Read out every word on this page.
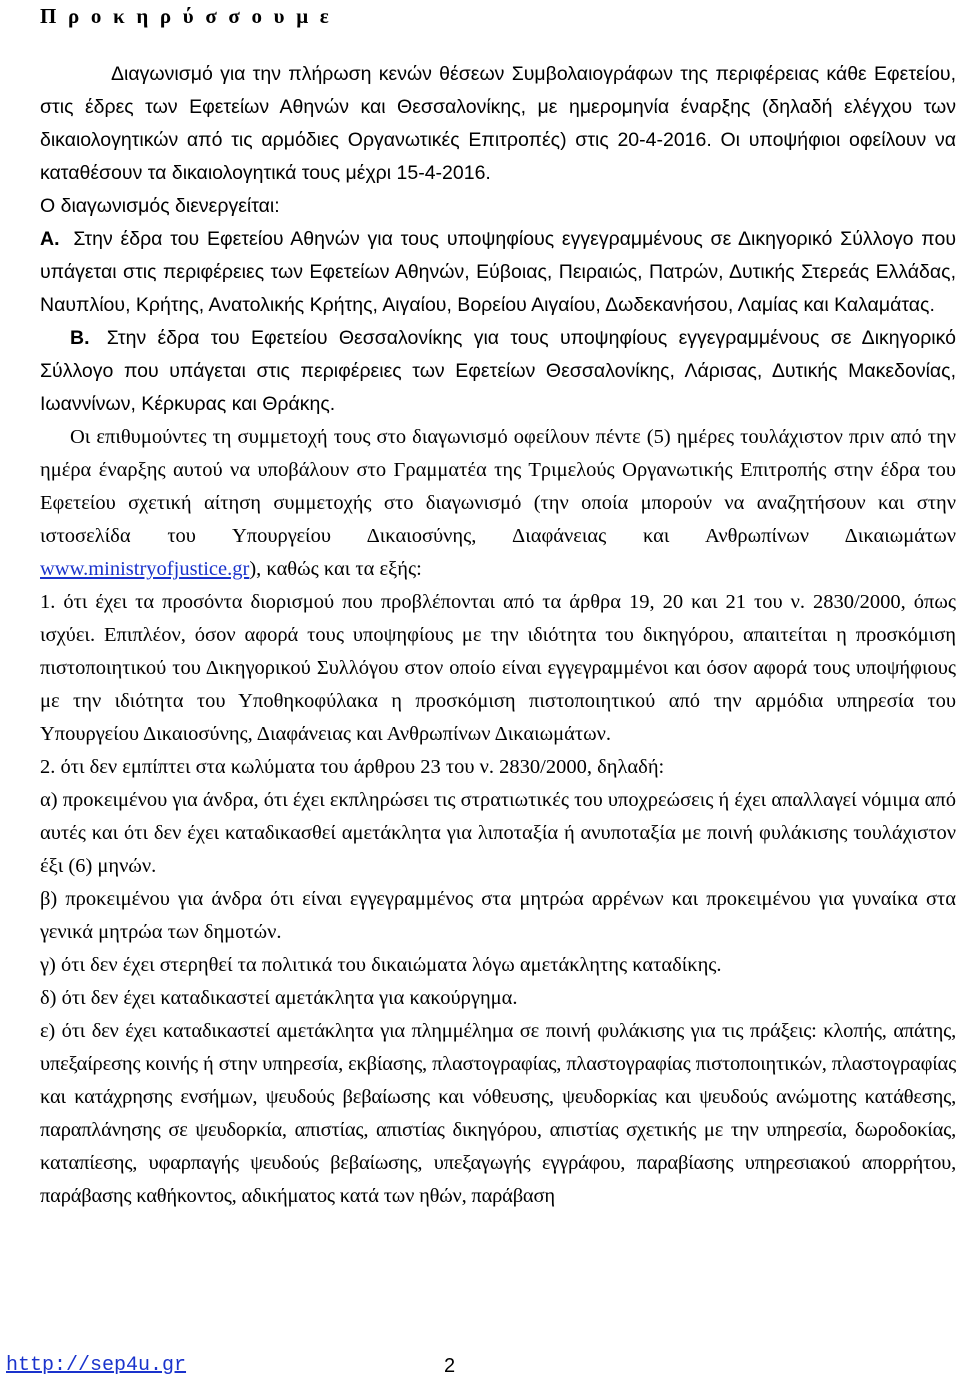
Π ρ ο κ η ρ ύ σ σ ο υ μ ε

Διαγωνισμό για την πλήρωση κενών θέσεων Συμβολαιογράφων της περιφέρειας κάθε Εφετείου, στις έδρες των Εφετείων Αθηνών και Θεσσαλονίκης, με ημερομηνία έναρξης (δηλαδή ελέγχου των δικαιολογητικών από τις αρμόδιες Οργανωτικές Επιτροπές) στις 20-4-2016. Οι υποψήφιοι οφείλουν να καταθέσουν τα δικαιολογητικά τους μέχρι 15-4-2016.

Ο διαγωνισμός διενεργείται:

Α. Στην έδρα του Εφετείου Αθηνών για τους υποψηφίους εγγεγραμμένους σε Δικηγορικό Σύλλογο που υπάγεται στις περιφέρειες των Εφετείων Αθηνών, Εύβοιας, Πειραιώς, Πατρών, Δυτικής Στερεάς Ελλάδας, Ναυπλίου, Κρήτης, Ανατολικής Κρήτης, Αιγαίου, Βορείου Αιγαίου, Δωδεκανήσου, Λαμίας και Καλαμάτας.

Β. Στην έδρα του Εφετείου Θεσσαλονίκης για τους υποψηφίους εγγεγραμμένους σε Δικηγορικό Σύλλογο που υπάγεται στις περιφέρειες των Εφετείων Θεσσαλονίκης, Λάρισας, Δυτικής Μακεδονίας, Ιωαννίνων, Κέρκυρας και Θράκης.

Οι επιθυμούντες τη συμμετοχή τους στο διαγωνισμό οφείλουν πέντε (5) ημέρες τουλάχιστον πριν από την ημέρα έναρξης αυτού να υποβάλουν στο Γραμματέα της Τριμελούς Οργανωτικής Επιτροπής στην έδρα του Εφετείου σχετική αίτηση συμμετοχής στο διαγωνισμό (την οποία μπορούν να αναζητήσουν και στην ιστοσελίδα του Υπουργείου Δικαιοσύνης, Διαφάνειας και Ανθρωπίνων Δικαιωμάτων www.ministryofjustice.gr), καθώς και τα εξής:

1. ότι έχει τα προσόντα διορισμού που προβλέπονται από τα άρθρα 19, 20 και 21 του ν. 2830/2000, όπως ισχύει. Επιπλέον, όσον αφορά τους υποψηφίους με την ιδιότητα του δικηγόρου, απαιτείται η προσκόμιση πιστοποιητικού του Δικηγορικού Συλλόγου στον οποίο είναι εγγεγραμμένοι και όσον αφορά τους υποψήφιους με την ιδιότητα του Υποθηκοφύλακα η προσκόμιση πιστοποιητικού από την αρμόδια υπηρεσία του Υπουργείου Δικαιοσύνης, Διαφάνειας και Ανθρωπίνων Δικαιωμάτων.

2. ότι δεν εμπίπτει στα κωλύματα του άρθρου 23 του ν. 2830/2000, δηλαδή:

α) προκειμένου για άνδρα, ότι έχει εκπληρώσει τις στρατιωτικές του υποχρεώσεις ή έχει απαλλαγεί νόμιμα από αυτές και ότι δεν έχει καταδικασθεί αμετάκλητα για λιποταξία ή ανυποταξία με ποινή φυλάκισης τουλάχιστον έξι (6) μηνών.

β) προκειμένου για άνδρα ότι είναι εγγεγραμμένος στα μητρώα αρρένων και προκειμένου για γυναίκα στα γενικά μητρώα των δημοτών.

γ) ότι δεν έχει στερηθεί τα πολιτικά του δικαιώματα λόγω αμετάκλητης καταδίκης.

δ) ότι δεν έχει καταδικαστεί αμετάκλητα για κακούργημα.

ε) ότι δεν έχει καταδικαστεί αμετάκλητα για πλημμέλημα σε ποινή φυλάκισης για τις πράξεις: κλοπής, απάτης, υπεξαίρεσης κοινής ή στην υπηρεσία, εκβίασης, πλαστογραφίας, πλαστογραφίας πιστοποιητικών, πλαστογραφίας και κατάχρησης ενσήμων, ψευδούς βεβαίωσης και νόθευσης, ψευδορκίας και ψευδούς ανώμοτης κατάθεσης, παραπλάνησης σε ψευδορκία, απιστίας, απιστίας δικηγόρου, απιστίας σχετικής με την υπηρεσία, δωροδοκίας, καταπίεσης, υφαρπαγής ψευδούς βεβαίωσης, υπεξαγωγής εγγράφου, παραβίασης υπηρεσιακού απορρήτου, παράβασης καθήκοντος, αδικήματος κατά των ηθών, παράβαση

http://sep4u.gr	2
